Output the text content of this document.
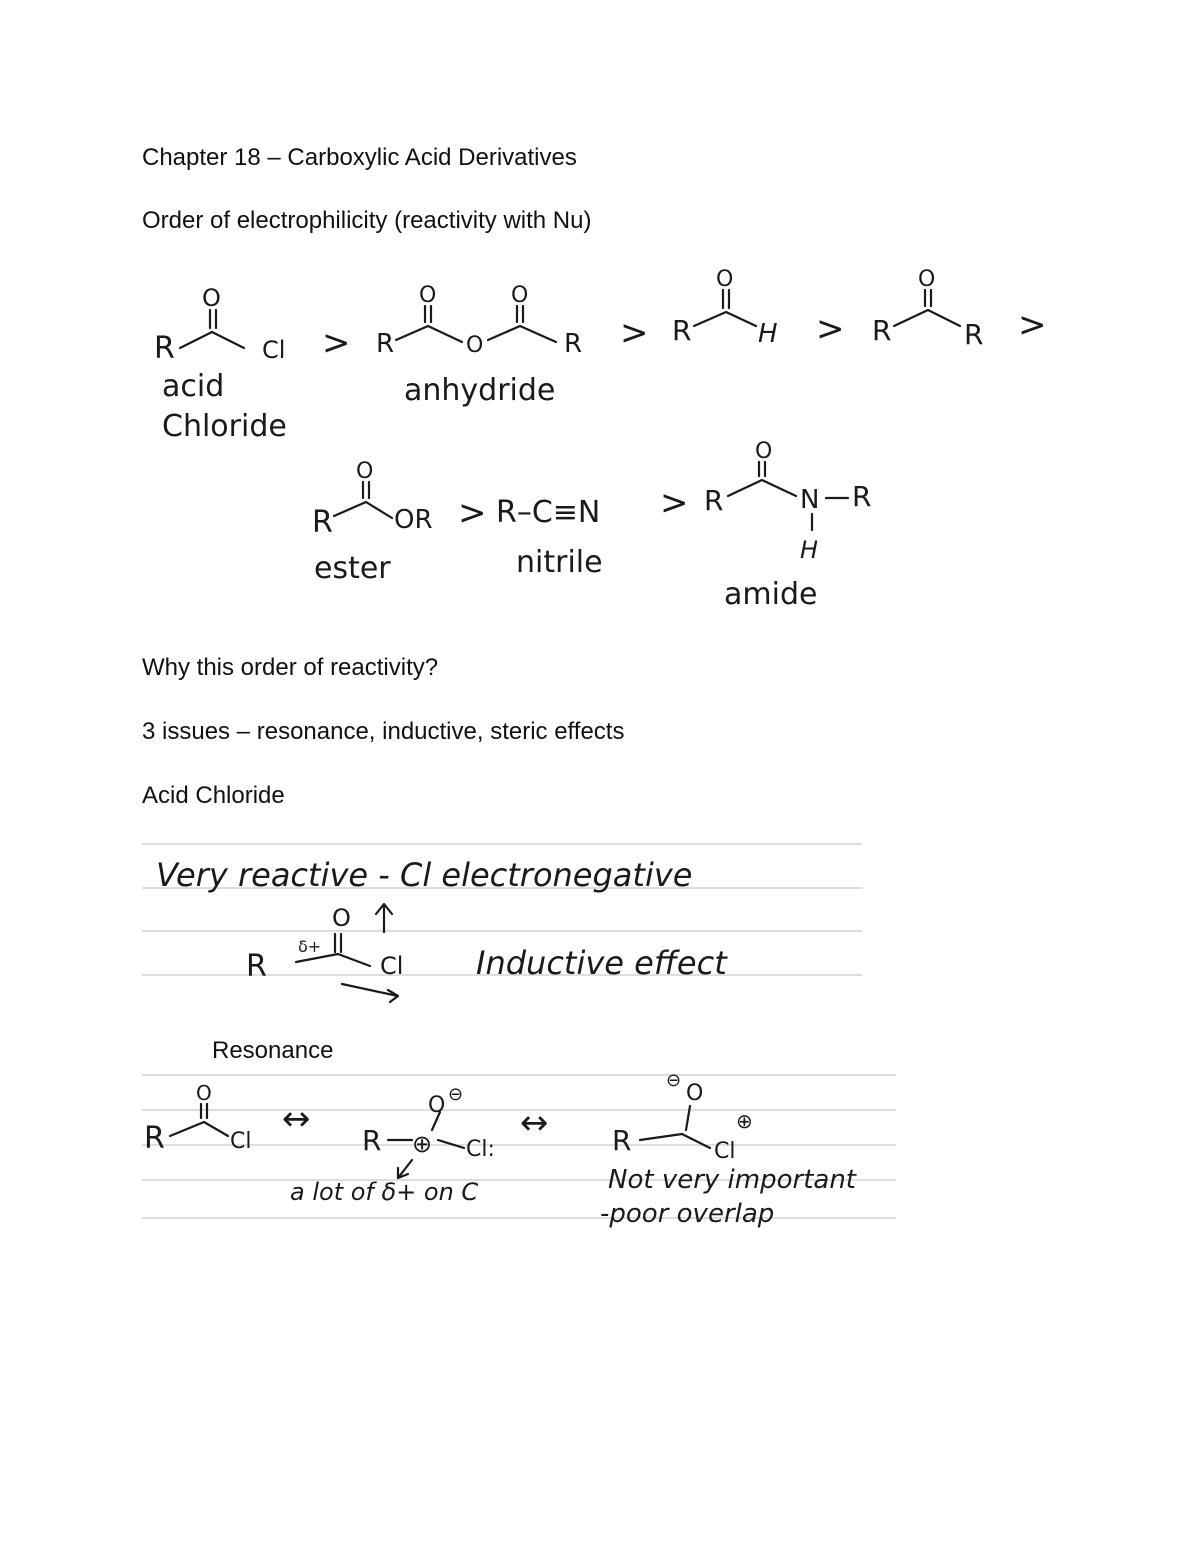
Chapter 18 – Carboxylic Acid Derivatives
Order of electrophilicity (reactivity with Nu)
Why this order of reactivity?
3 issues – resonance, inductive, steric effects
Acid Chloride
Resonance
R
O
Cl
acid
Chloride
> R
O
O
O
R
anhydride
> R
O
H > R
O
R >
R
O
OR
ester
> R–C≡N
nitrile
> R
O
N R
H
amide
Very reactive - Cl electronegative
O
δ+
R	Cl Inductive effect
R
O
Cl
↔
R ⊕
O ⊖
Cl:
↔
⊖
O
R
⊕
Cl
a lot of δ+ on C	Not very important
-poor overlap
